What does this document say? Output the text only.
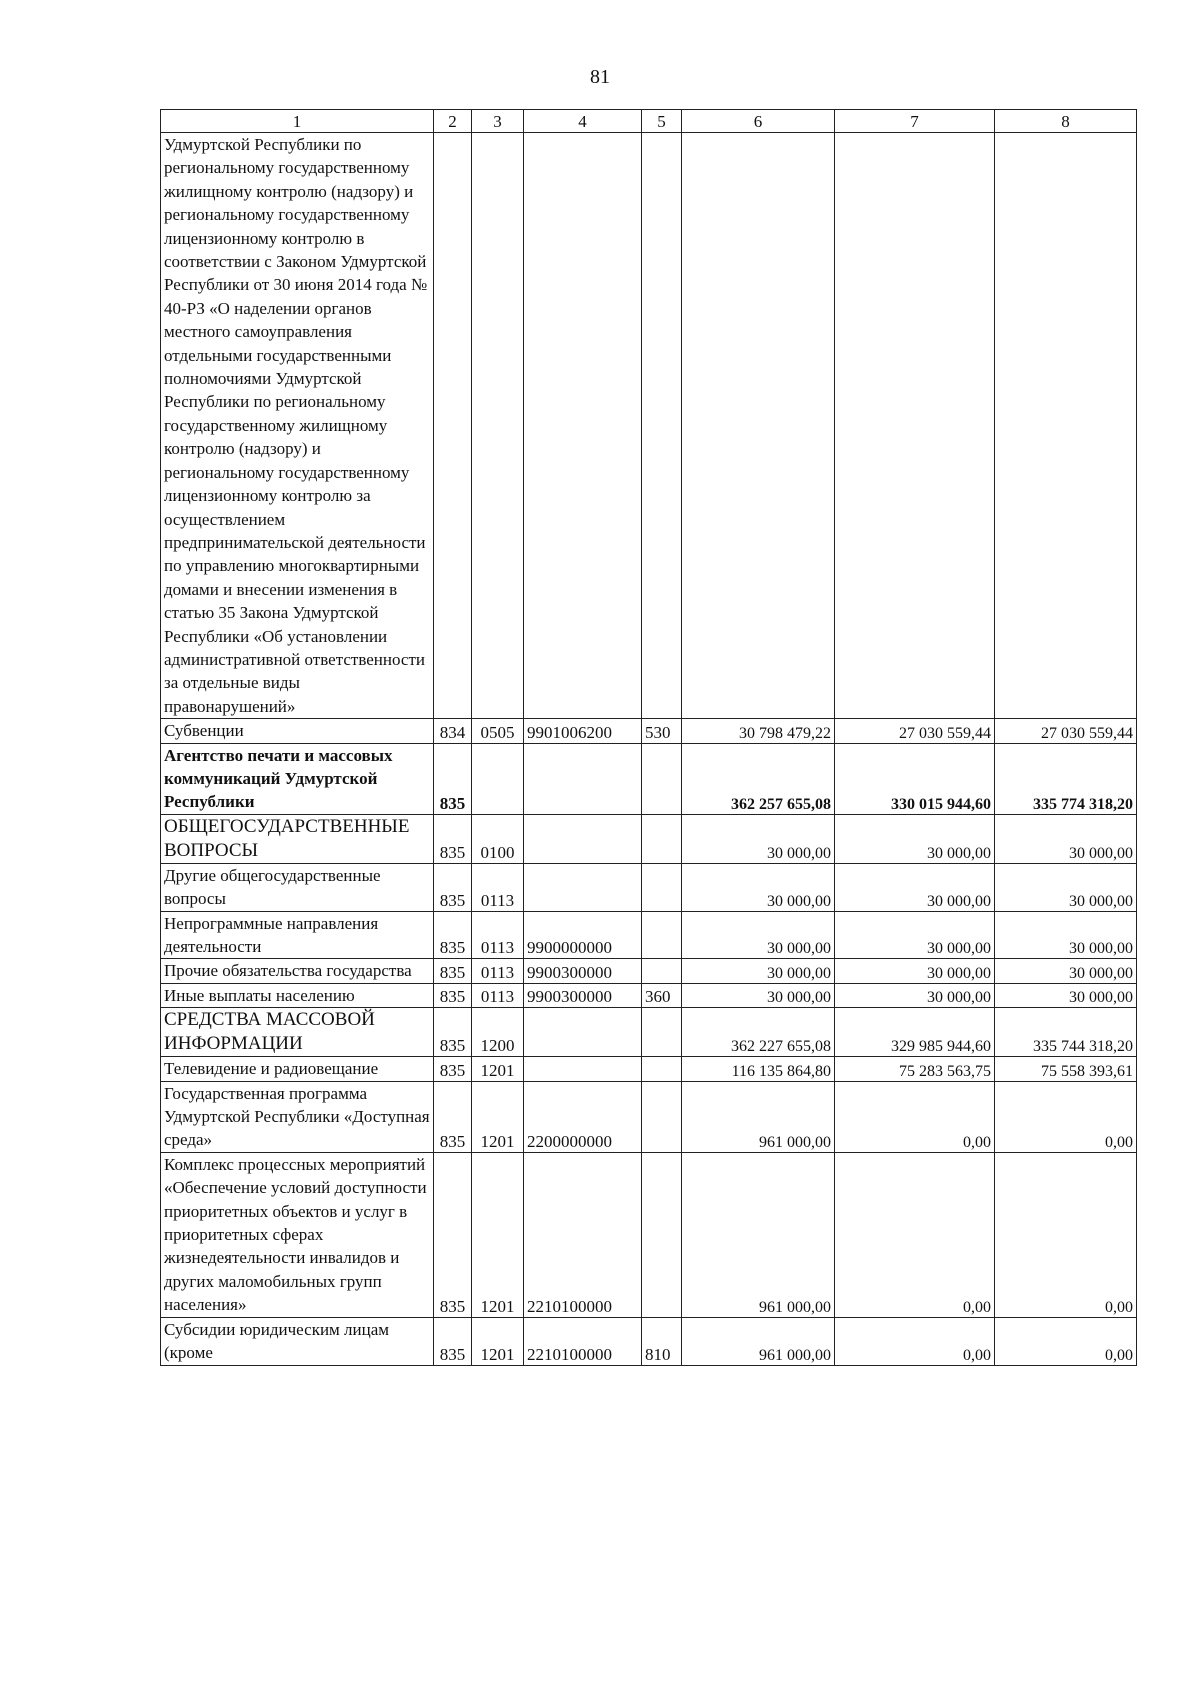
81
1	2	3	4	5	6	7	8
Удмуртской Республики по региональному государственному жилищному контролю (надзору) и региональному государственному лицензионному контролю в соответствии с Законом Удмуртской Республики от 30 июня 2014 года № 40-РЗ «О наделении органов местного самоуправления отдельными государственными полномочиями Удмуртской Республики по региональному государственному жилищному контролю (надзору) и региональному государственному лицензионному контролю за осуществлением предпринимательской деятельности по управлению многоквартирными домами и внесении изменения в статью 35 Закона Удмуртской Республики «Об установлении административной ответственности за отдельные виды правонарушений»							
Субвенции	834	0505	9901006200	530	30 798 479,22	27 030 559,44	27 030 559,44
Агентство печати и массовых коммуникаций Удмуртской Республики	835				362 257 655,08	330 015 944,60	335 774 318,20
ОБЩЕГОСУДАРСТВЕННЫЕ ВОПРОСЫ	835	0100			30 000,00	30 000,00	30 000,00
Другие общегосударственные вопросы	835	0113			30 000,00	30 000,00	30 000,00
Непрограммные направления деятельности	835	0113	9900000000		30 000,00	30 000,00	30 000,00
Прочие обязательства государства	835	0113	9900300000		30 000,00	30 000,00	30 000,00
Иные выплаты населению	835	0113	9900300000	360	30 000,00	30 000,00	30 000,00
СРЕДСТВА МАССОВОЙ ИНФОРМАЦИИ	835	1200			362 227 655,08	329 985 944,60	335 744 318,20
Телевидение и радиовещание	835	1201			116 135 864,80	75 283 563,75	75 558 393,61
Государственная программа Удмуртской Республики «Доступная среда»	835	1201	2200000000		961 000,00	0,00	0,00
Комплекс процессных мероприятий «Обеспечение условий доступности приоритетных объектов и услуг в приоритетных сферах жизнедеятельности инвалидов и других маломобильных групп населения»	835	1201	2210100000		961 000,00	0,00	0,00
Субсидии юридическим лицам (кроме	835	1201	2210100000	810	961 000,00	0,00	0,00
